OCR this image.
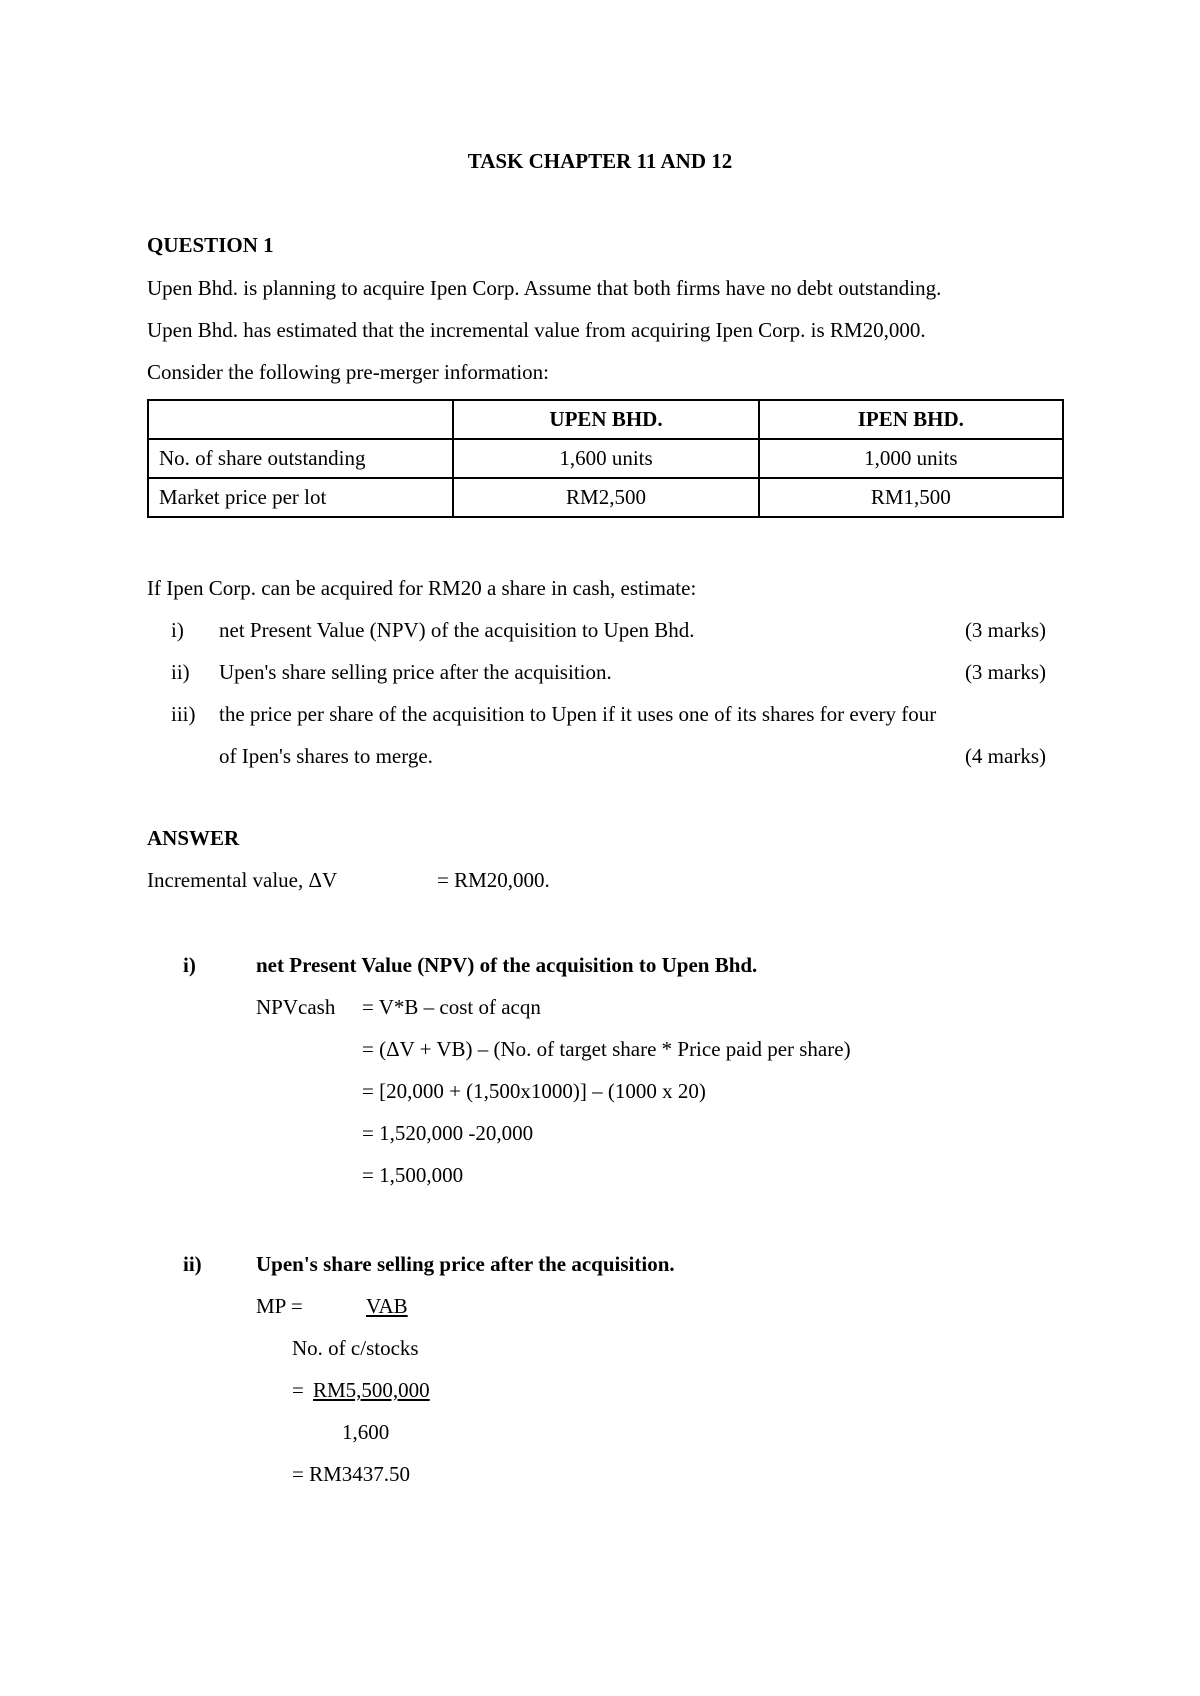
TASK CHAPTER 11 AND 12
QUESTION 1
Upen Bhd. is planning to acquire Ipen Corp. Assume that both firms have no debt outstanding.
Upen Bhd. has estimated that the incremental value from acquiring Ipen Corp. is RM20,000.
Consider the following pre-merger information:
	UPEN BHD.	IPEN BHD.
No. of share outstanding	1,600 units	1,000 units
Market price per lot	RM2,500	RM1,500
If Ipen Corp. can be acquired for RM20 a share in cash, estimate:
i) net Present Value (NPV) of the acquisition to Upen Bhd.	(3 marks)
ii) Upen's share selling price after the acquisition.	(3 marks)
iii) the price per share of the acquisition to Upen if it uses one of its shares for every four
of Ipen's shares to merge.	(4 marks)
ANSWER
Incremental value, ΔV	= RM20,000.
i)	net Present Value (NPV) of the acquisition to Upen Bhd.
NPVcash = V*B – cost of acqn
= (ΔV + VB) – (No. of target share * Price paid per share)
= [20,000 + (1,500x1000)] – (1000 x 20)
= 1,520,000 -20,000
= 1,500,000
ii)	Upen's share selling price after the acquisition.
MP =	VAB
No. of c/stocks
= RM5,500,000
1,600
= RM3437.50
